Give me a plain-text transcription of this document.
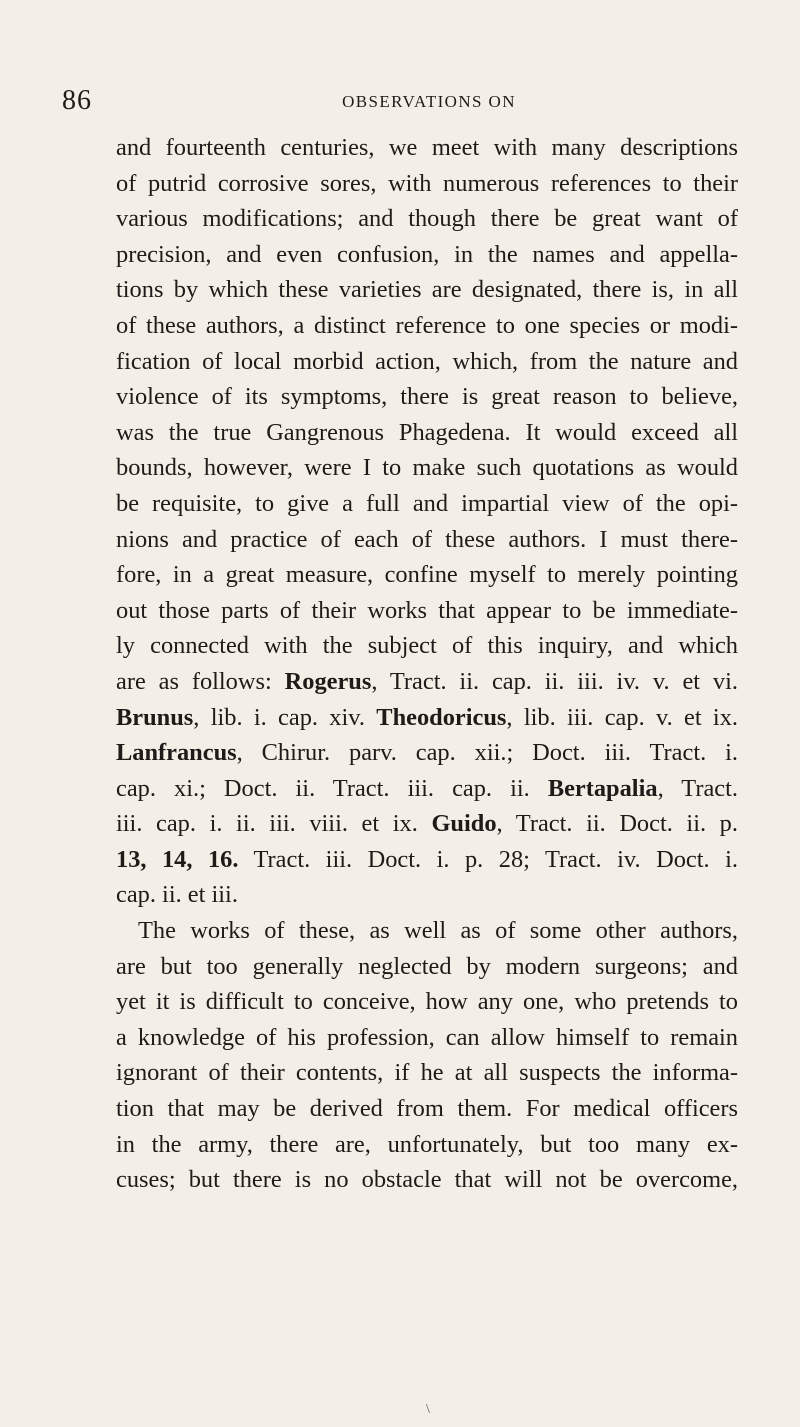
86	OBSERVATIONS ON
and fourteenth centuries, we meet with many descriptions
of putrid corrosive sores, with numerous references to their
various modifications; and though there be great want of
precision, and even confusion, in the names and appella-
tions by which these varieties are designated, there is, in all
of these authors, a distinct reference to one species or modi-
fication of local morbid action, which, from the nature and
violence of its symptoms, there is great reason to believe,
was the true Gangrenous Phagedena. It would exceed all
bounds, however, were I to make such quotations as would
be requisite, to give a full and impartial view of the opi-
nions and practice of each of these authors. I must there-
fore, in a great measure, confine myself to merely pointing
out those parts of their works that appear to be immediate-
ly connected with the subject of this inquiry, and which
are as follows: Rogerus, Tract. ii. cap. ii. iii. iv. v. et vi.
Brunus, lib. i. cap. xiv. Theodoricus, lib. iii. cap. v. et ix.
Lanfrancus, Chirur. parv. cap. xii.; Doct. iii. Tract. i.
cap. xi.; Doct. ii. Tract. iii. cap. ii. Bertapalia, Tract.
iii. cap. i. ii. iii. viii. et ix. Guido, Tract. ii. Doct. ii. p.
13, 14, 16. Tract. iii. Doct. i. p. 28; Tract. iv. Doct. i.
cap. ii. et iii.
The works of these, as well as of some other authors,
are but too generally neglected by modern surgeons; and
yet it is difficult to conceive, how any one, who pretends to
a knowledge of his profession, can allow himself to remain
ignorant of their contents, if he at all suspects the informa-
tion that may be derived from them. For medical officers
in the army, there are, unfortunately, but too many ex-
cuses; but there is no obstacle that will not be overcome,
\
